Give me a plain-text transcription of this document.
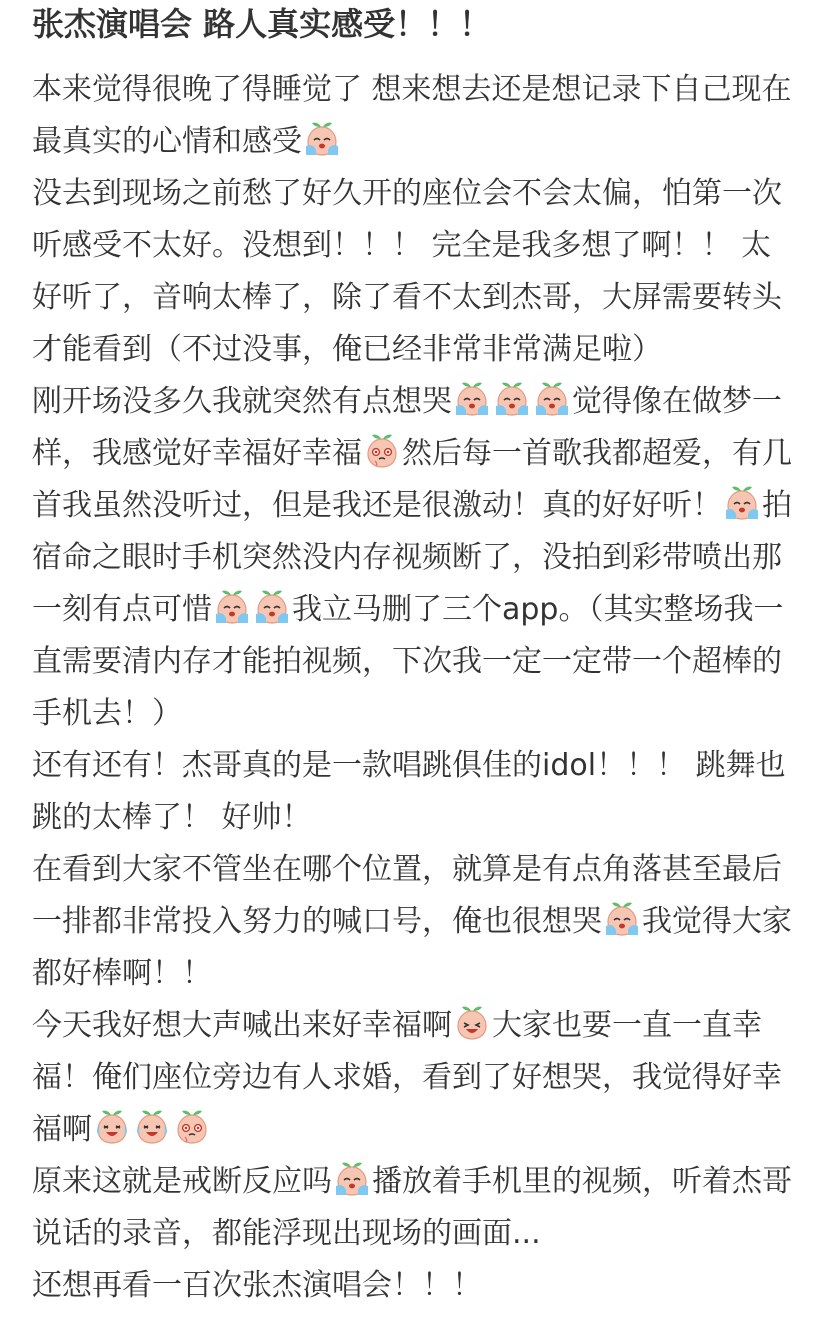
张杰演唱会 路人真实感受！！！

本来觉得很晚了得睡觉了 想来想去还是想记录下自己现在最真实的心情和感受

没去到现场之前愁了好久开的座位会不会太偏，怕第一次听感受不太好。没想到！！！ 完全是我多想了啊！！ 太好听了，音响太棒了，除了看不太到杰哥，大屏需要转头才能看到（不过没事，俺已经非常非常满足啦）

刚开场没多久我就突然有点想哭	觉得像在做梦一样，我感觉好幸福好幸福 然后每一首歌我都超爱，有几首我虽然没听过，但是我还是很激动！真的好好听！ 拍宿命之眼时手机突然没内存视频断了，没拍到彩带喷出那一刻有点可惜	我立马删了三个app。（其实整场我一直需要清内存才能拍视频，下次我一定一定带一个超棒的手机去！）

还有还有！杰哥真的是一款唱跳俱佳的idol！！！ 跳舞也跳的太棒了！ 好帅！

在看到大家不管坐在哪个位置，就算是有点角落甚至最后一排都非常投入努力的喊口号，俺也很想哭 我觉得大家都好棒啊！！

今天我好想大声喊出来好幸福啊 大家也要一直一直幸福！俺们座位旁边有人求婚，看到了好想哭，我觉得好幸福啊

原来这就是戒断反应吗 播放着手机里的视频，听着杰哥说话的录音，都能浮现出现场的画面...

还想再看一百次张杰演唱会！！！
